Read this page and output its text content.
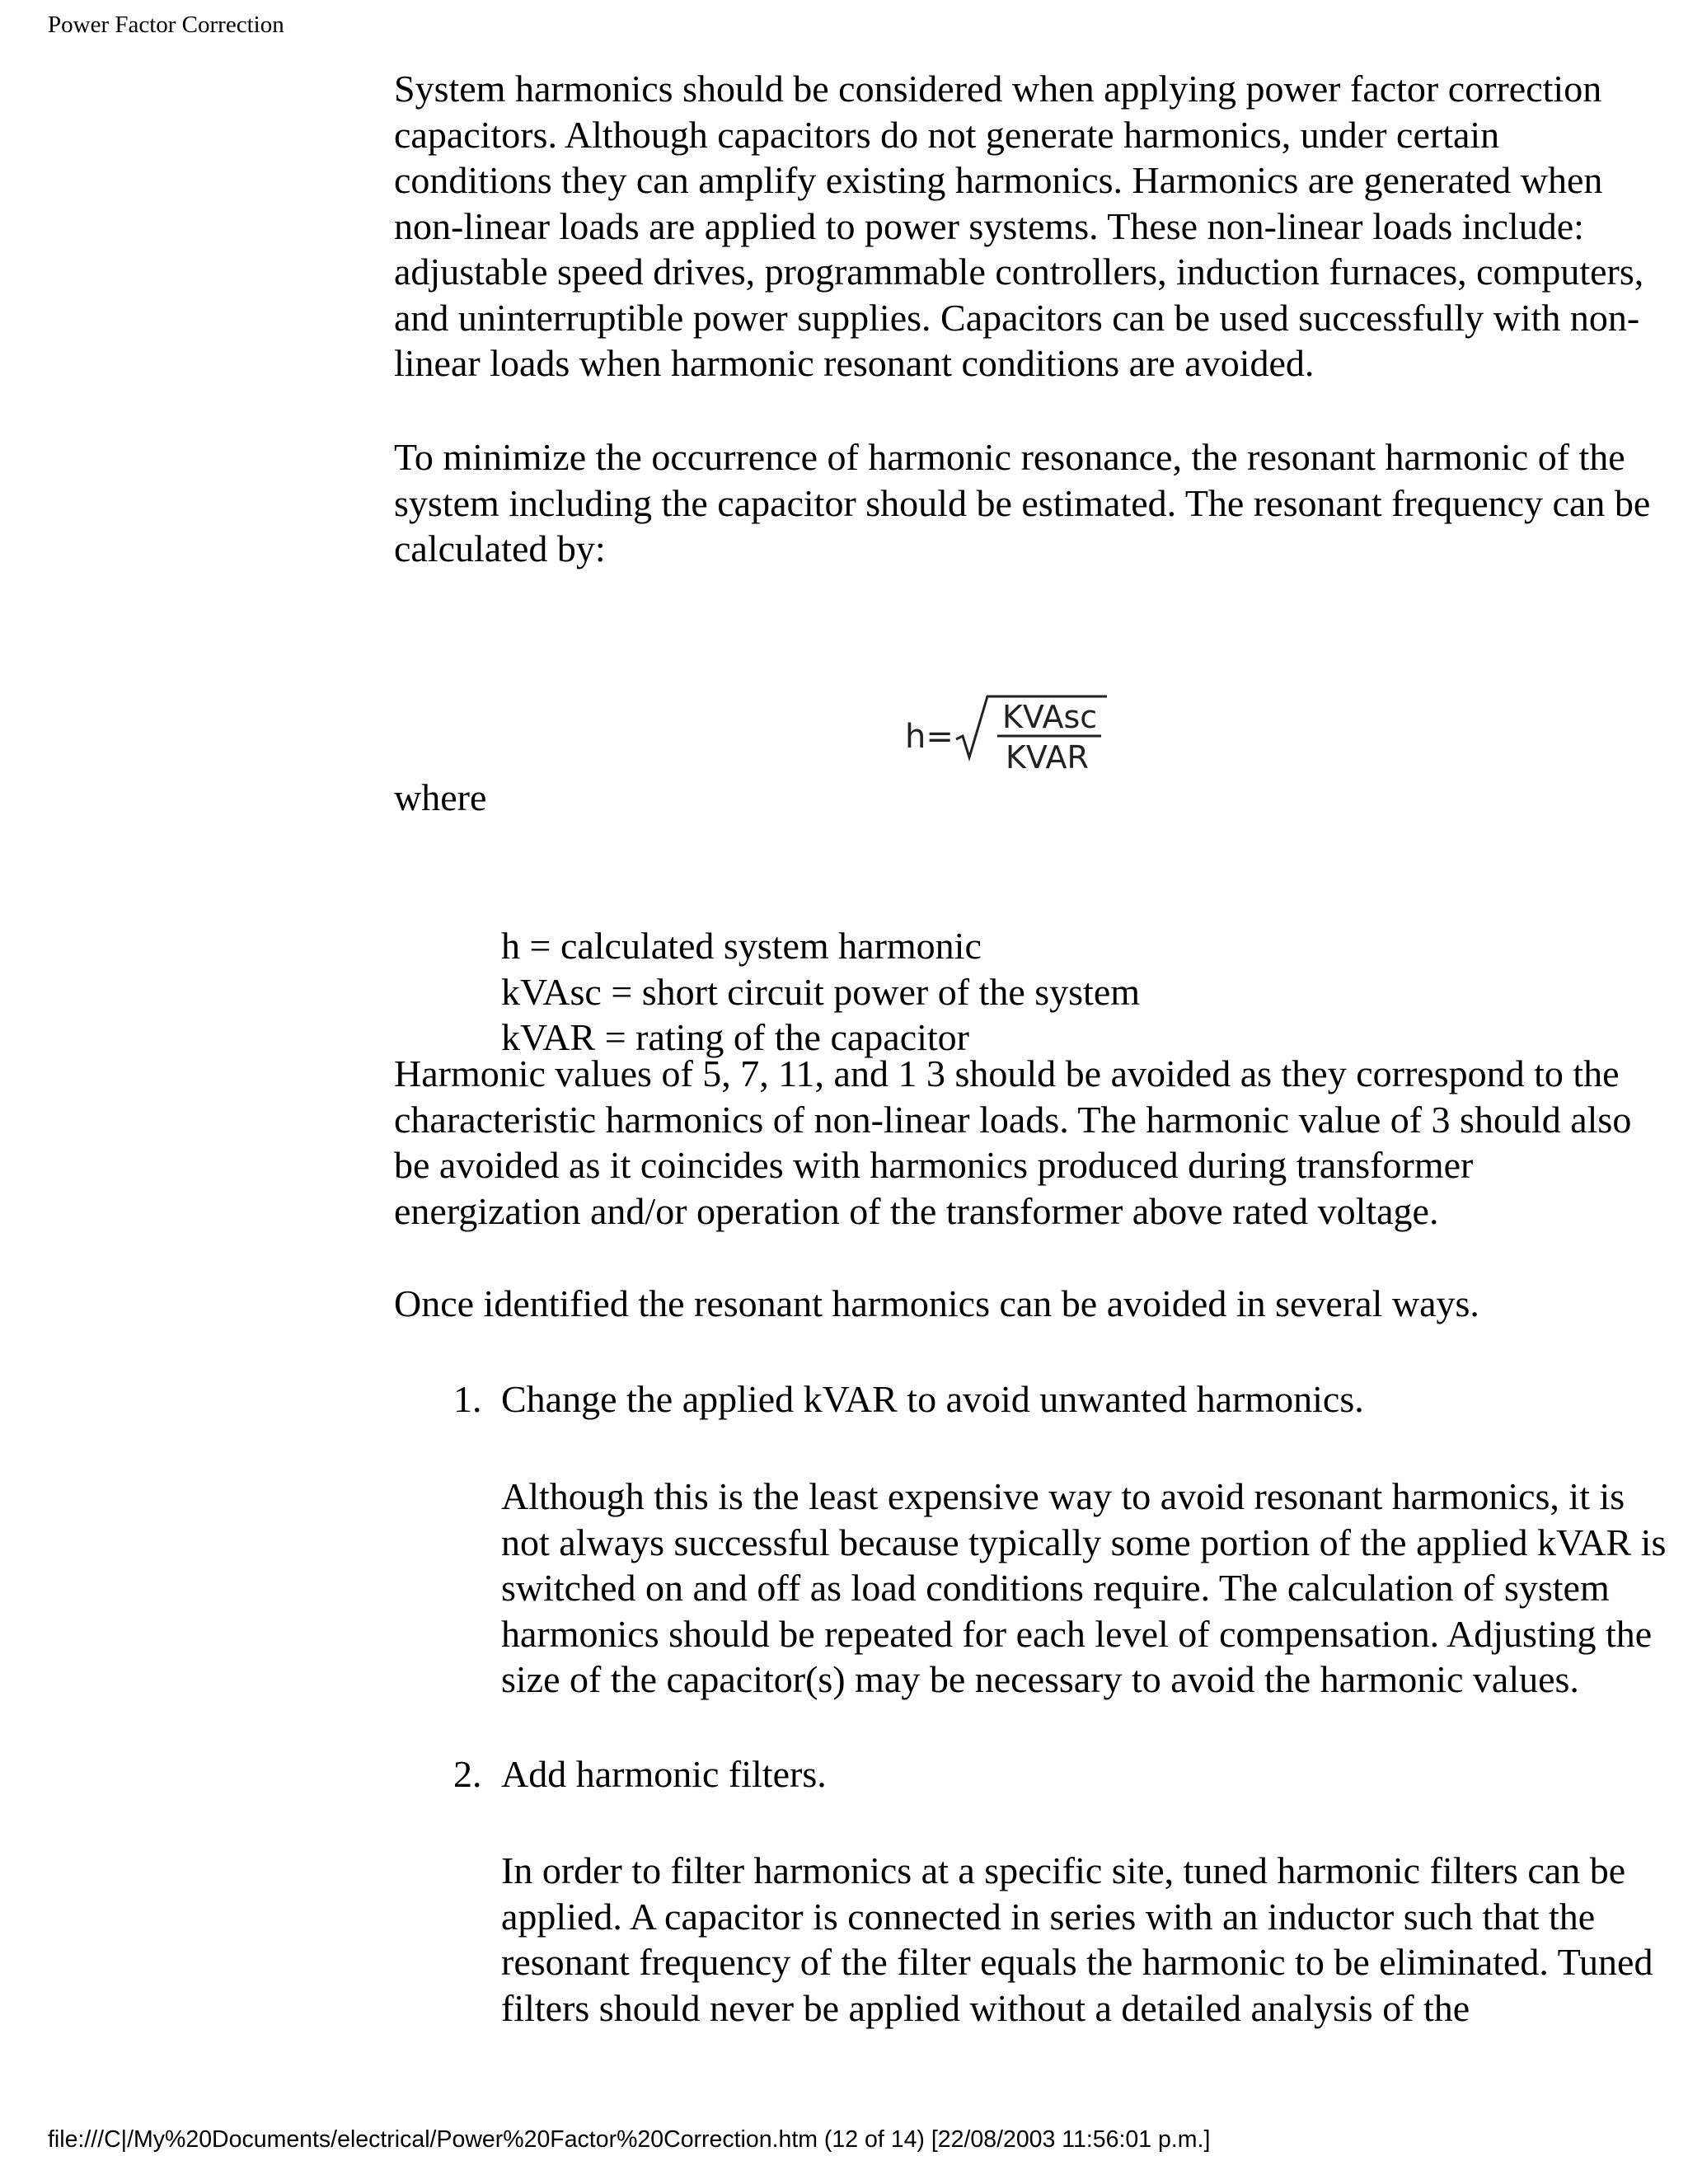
Power Factor Correction

System harmonics should be considered when applying power factor correction capacitors. Although capacitors do not generate harmonics, under certain conditions they can amplify existing harmonics. Harmonics are generated when non-linear loads are applied to power systems. These non-linear loads include: adjustable speed drives, programmable controllers, induction furnaces, computers, and uninterruptible power supplies. Capacitors can be used successfully with non-linear loads when harmonic resonant conditions are avoided.

To minimize the occurrence of harmonic resonance, the resonant harmonic of the system including the capacitor should be estimated. The resonant frequency can be calculated by:

h=
KVAsc
KVAR
where
h = calculated system harmonic
kVAsc = short circuit power of the system
kVAR = rating of the capacitor

Harmonic values of 5, 7, 11, and 1 3 should be avoided as they correspond to the characteristic harmonics of non-linear loads. The harmonic value of 3 should also be avoided as it coincides with harmonics produced during transformer energization and/or operation of the transformer above rated voltage.

Once identified the resonant harmonics can be avoided in several ways.

1. Change the applied kVAR to avoid unwanted harmonics.

Although this is the least expensive way to avoid resonant harmonics, it is not always successful because typically some portion of the applied kVAR is switched on and off as load conditions require. The calculation of system harmonics should be repeated for each level of compensation. Adjusting the size of the capacitor(s) may be necessary to avoid the harmonic values.

2. Add harmonic filters.

In order to filter harmonics at a specific site, tuned harmonic filters can be applied. A capacitor is connected in series with an inductor such that the resonant frequency of the filter equals the harmonic to be eliminated. Tuned filters should never be applied without a detailed analysis of the

file:///C|/My%20Documents/electrical/Power%20Factor%20Correction.htm (12 of 14) [22/08/2003 11:56:01 p.m.]
